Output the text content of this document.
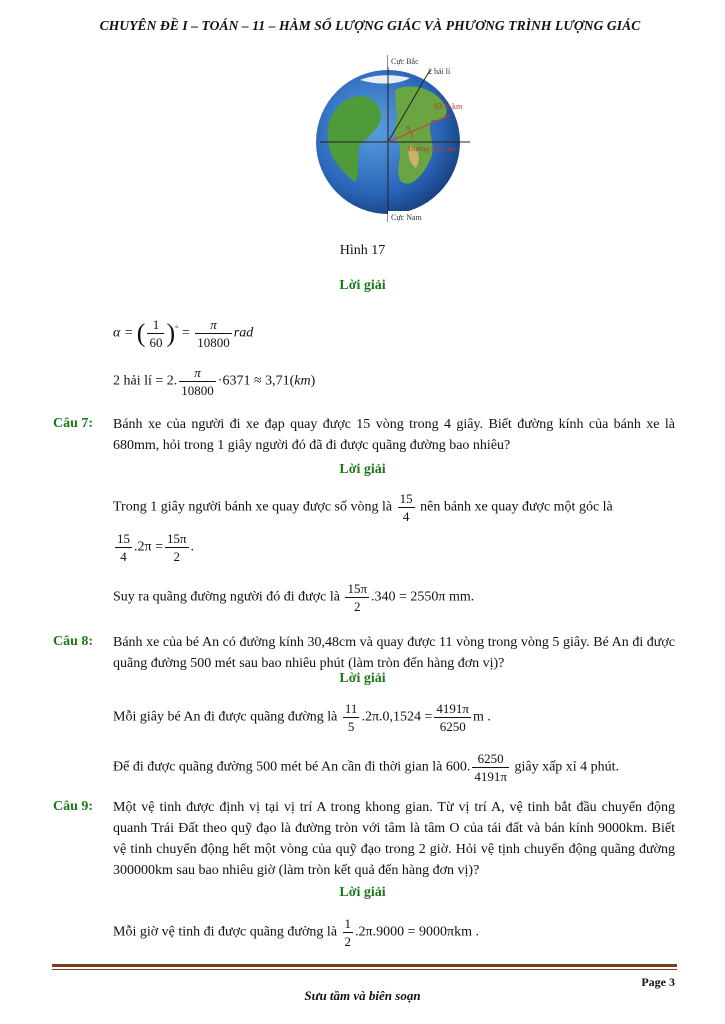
CHUYÊN ĐỀ I – TOÁN – 11 – HÀM SỐ LƯỢNG GIÁC VÀ PHƯƠNG TRÌNH LƯỢNG GIÁC
Cực Bắc
2 hải lí
6371 km
α
Đường xích đạo
Cực Nam
Hình 17
Lời giải
α = ( $\frac{1}{60} )^\circ = \frac{\pi}{10800}$ rad
2 hải lí = 2. $\frac{\pi}{10800} \cdot 6371 \approx 3,71(km)$
Câu 7: Bánh xe của người đi xe đạp quay được 15 vòng trong 4 giây. Biết đường kính của bánh xe là 680mm, hỏi trong 1 giây người đó đã đi được quãng đường bao nhiêu?
Lời giải
Trong 1 giây người bánh xe quay được số vòng là $\frac{15}{4}$ nên bánh xe quay được một góc là
$\frac{15}{4} .2\pi = \frac{15\pi}{2}$ .
Suy ra quãng đường người đó đi được là $\frac{15\pi}{2} .340 = 2550\pi$ mm.
Câu 8: Bánh xe của bé An có đường kính 30,48cm và quay được 11 vòng trong vòng 5 giây. Bé An đi được quãng đường 500 mét sau bao nhiêu phút (làm tròn đến hàng đơn vị)?
Lời giải
Mỗi giây bé An đi được quãng đường là $\frac{11}{5} .2\pi.0,1524 = \frac{4191\pi}{6250}$ m .
Để đi được quãng đường 500 mét bé An cần đi thời gian là 600. $\frac{6250}{4191\pi}$ giây xấp xỉ 4 phút.
Câu 9: Một vệ tinh được định vị tại vị trí A trong khong gian. Từ vị trí A, vệ tinh bắt đầu chuyển động quanh Trái Đất theo quỹ đạo là đường tròn với tâm là tâm O của tái đất và bán kính 9000km. Biết vệ tinh chuyển động hết một vòng của quỹ đạo trong 2 giờ. Hỏi vệ tịnh chuyển động quãng đường 300000km sau bao nhiêu giờ (làm tròn kết quả đến hàng đơn vị)?
Lời giải
Mỗi giờ vệ tinh đi được quãng đường là $\frac{1}{2} .2\pi.9000 = 9000\pi km$ .
Page 3
Sưu tầm và biên soạn
